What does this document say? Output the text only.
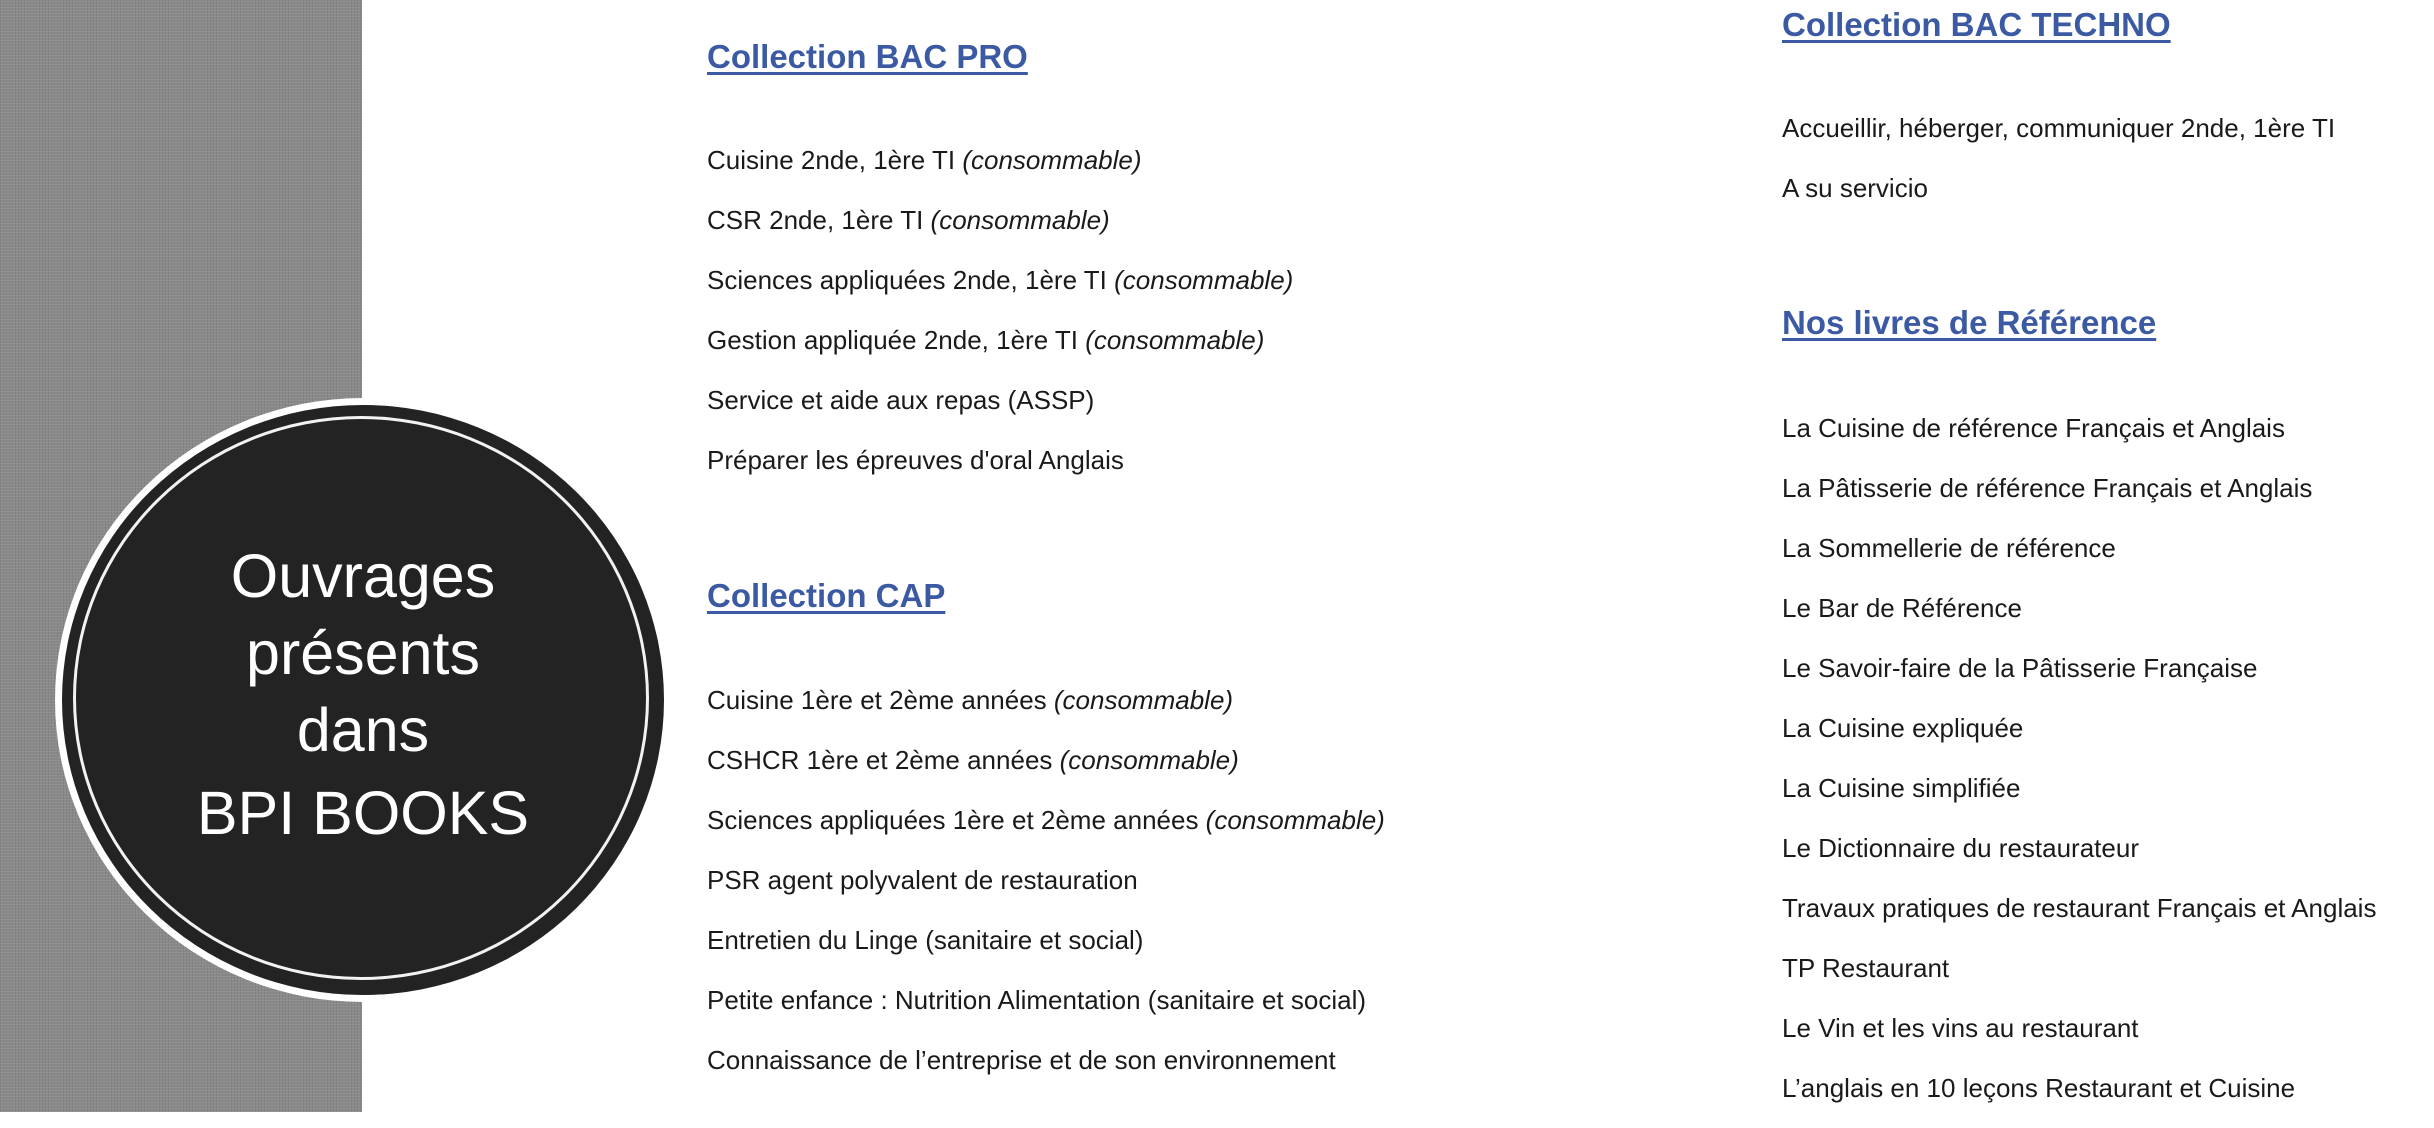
Ouvrages
présents
dans
BPI BOOKS
Collection BAC PRO
Cuisine 2nde, 1ère TI (consommable)
CSR 2nde, 1ère TI (consommable)
Sciences appliquées 2nde, 1ère TI (consommable)
Gestion appliquée 2nde, 1ère TI (consommable)
Service et aide aux repas (ASSP)
Préparer les épreuves d'oral Anglais
Collection CAP
Cuisine 1ère et 2ème années (consommable)
CSHCR 1ère et 2ème années (consommable)
Sciences appliquées 1ère et 2ème années (consommable)
PSR agent polyvalent de restauration
Entretien du Linge (sanitaire et social)
Petite enfance : Nutrition Alimentation (sanitaire et social)
Connaissance de l’entreprise et de son environnement
Collection BAC TECHNO
Accueillir, héberger, communiquer 2nde, 1ère TI
A su servicio
Nos livres de Référence
La Cuisine de référence Français et Anglais
La Pâtisserie de référence Français et Anglais
La Sommellerie de référence
Le Bar de Référence
Le Savoir-faire de la Pâtisserie Française
La Cuisine expliquée
La Cuisine simplifiée
Le Dictionnaire du restaurateur
Travaux pratiques de restaurant Français et Anglais
TP Restaurant
Le Vin et les vins au restaurant
L’anglais en 10 leçons Restaurant et Cuisine
